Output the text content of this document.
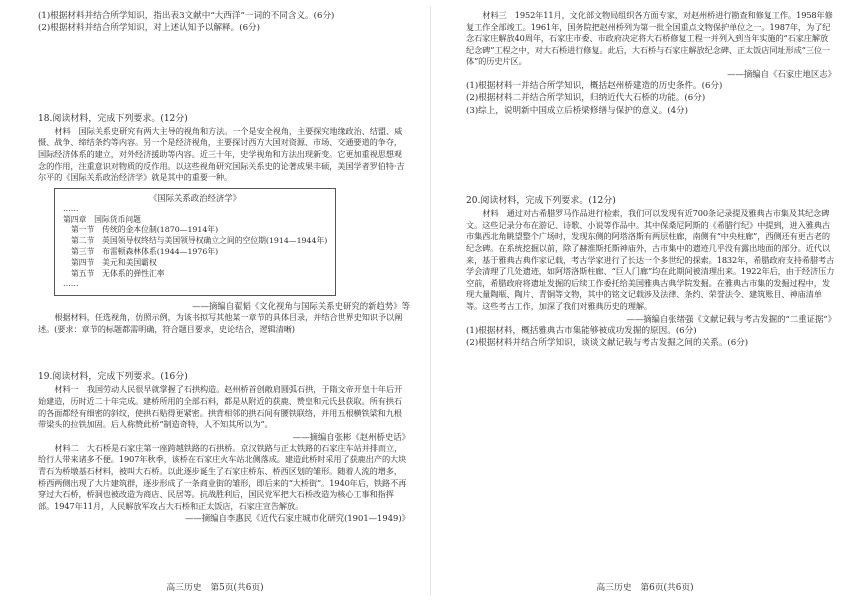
(1)根据材料并结合所学知识，指出表3文献中“大西洋”一词的不同含义。(6分)

(2)根据材料并结合所学知识，对上述认知予以解释。(6分)

18.阅读材料，完成下列要求。(12分)

材料　国际关系史研究有两大主导的视角和方法。一个是安全视角，主要探究地缘政治、结盟、威慑、战争、缔结条约等内容。另一个是经济视角，主要探讨西方大国对资源、市场、交通要道的争夺，国际经济体系的建立，对外经济援助等内容。近三十年，史学视角和方法出现新变。它更加重视思想观念的作用，注重意识对物质的反作用。以这些视角研究国际关系史的论著成果丰硕，美国学者罗伯特·吉尔平的《国际关系政治经济学》就是其中的重要一种。

《国际关系政治经济学》

……

第四章　国际货币问题

第一节　传统的金本位制(1870—1914年)

第二节　英国领导权终结与美国领导权确立之间的空位期(1914—1944年)

第三节　布雷顿森林体系(1944—1976年)

第四节　美元和美国霸权

第五节　无体系的弹性汇率

……

——摘编自翟韬《文化视角与国际关系史研究的新趋势》等

根据材料，任选视角，仿照示例，为该书拟写其他某一章节的具体目录，并结合世界史知识予以阐述。(要求：章节的标题都需明确，符合题目要求，史论结合，逻辑清晰)

19.阅读材料，完成下列要求。(16分)

材料一　我国劳动人民很早就掌握了石拱构造。赵州桥首创敞肩圆弧石拱，于隋文帝开皇十年后开始建造，历时近二十年完成。建桥所用的全部石料，都是从附近的获鹿、赞皇和元氏县获取。所有拱石的各面都经有细密的斜纹，使拱石贴得更紧密。拱背相邻的拱石间有腰铁联络，并用五根横铁梁和九根带梁头的拉铁加固。后人称赞此桥“制造奇特，人不知其所以为”。

——摘编自张彬《赵州桥史话》

材料二　大石桥是石家庄第一座跨越铁路的石拱桥。京汉铁路与正太铁路的石家庄车站并排而立，给行人带来诸多不便。1907年秋季，该桥在石家庄火车站北侧落成。建造此桥时采用了获鹿出产的大块青石为桥墩基石材料，被叫大石桥。以此逐步诞生了石家庄桥东、桥西区划的雏形。随着人流的增多，桥西两侧出现了大片建筑群，逐步形成了一条商业街的雏形，即后来的“大桥街”。1940年后，铁路不再穿过大石桥，桥洞也被改造为商店、民居等。抗战胜利后，国民党军把大石桥改造为核心工事和指挥部。1947年11月，人民解放军攻占大石桥和正太饭店，石家庄宣告解放。

——摘编自李惠民《近代石家庄城市化研究(1901—1949)》

高三历史　第5页(共6页)

材料三　1952年11月，文化部文物局组织各方面专家，对赵州桥进行勘查和修复工作。1958年修复工作全部竣工。1961年，国务院把赵州桥列为第一批全国重点文物保护单位之一。1987年，为了纪念石家庄解放40周年，石家庄市委、市政府决定将大石桥修复工程一并列入到当年实施的“石家庄解放纪念碑”工程之中，对大石桥进行修复。此后，大石桥与石家庄解放纪念碑、正太饭店同址形成“三位一体”的历史片区。

——摘编自《石家庄地区志》

(1)根据材料一并结合所学知识，概括赵州桥建造的历史条件。(6分)

(2)根据材料二并结合所学知识，归纳近代大石桥的功能。(6分)

(3)综上，说明新中国成立后桥梁修缮与保护的意义。(4分)

20.阅读材料，完成下列要求。(12分)

材料　通过对古希腊罗马作品进行检索，我们可以发现有近700条记录提及雅典古市集及其纪念碑文。这些记录分布在游记、诗歌、小说等作品中。其中保桑尼阿斯的《希腊行纪》中提到，进入雅典古市集西北角眺望整个广场时，发现东侧的阿塔洛斯有两层柱廊，南侧有“中央柱廊”，西侧还有更古老的纪念碑。在系统挖掘以前，除了赫淮斯托斯神庙外，古市集中的遗迹几乎没有露出地面的部分。近代以来，基于雅典古典作家记载，考古学家进行了长达一个多世纪的探索。1832年，希腊政府支持希腊考古学会清理了几处遗迹，如阿塔洛斯柱廊、“巨人门廊”均在此期间被清理出来。1922年后，由于经济压力空前，希腊政府将遗址发掘的后续工作委托给美国雅典古典学院发掘。在雅典古市集的发掘过程中，发现大量陶瓶、陶片、青铜等文物，其中的铭文记载涉及法律、条约、荣誉法令、建筑账目、神庙清单等。这些考古工作，加深了我们对雅典历史的理解。

——摘编自张绪强《文献记载与考古发掘的“二重证据”》

(1)根据材料，概括雅典古市集能够被成功发掘的原因。(6分)

(2)根据材料并结合所学知识，谈谈文献记载与考古发掘之间的关系。(6分)

高三历史　第6页(共6页)
